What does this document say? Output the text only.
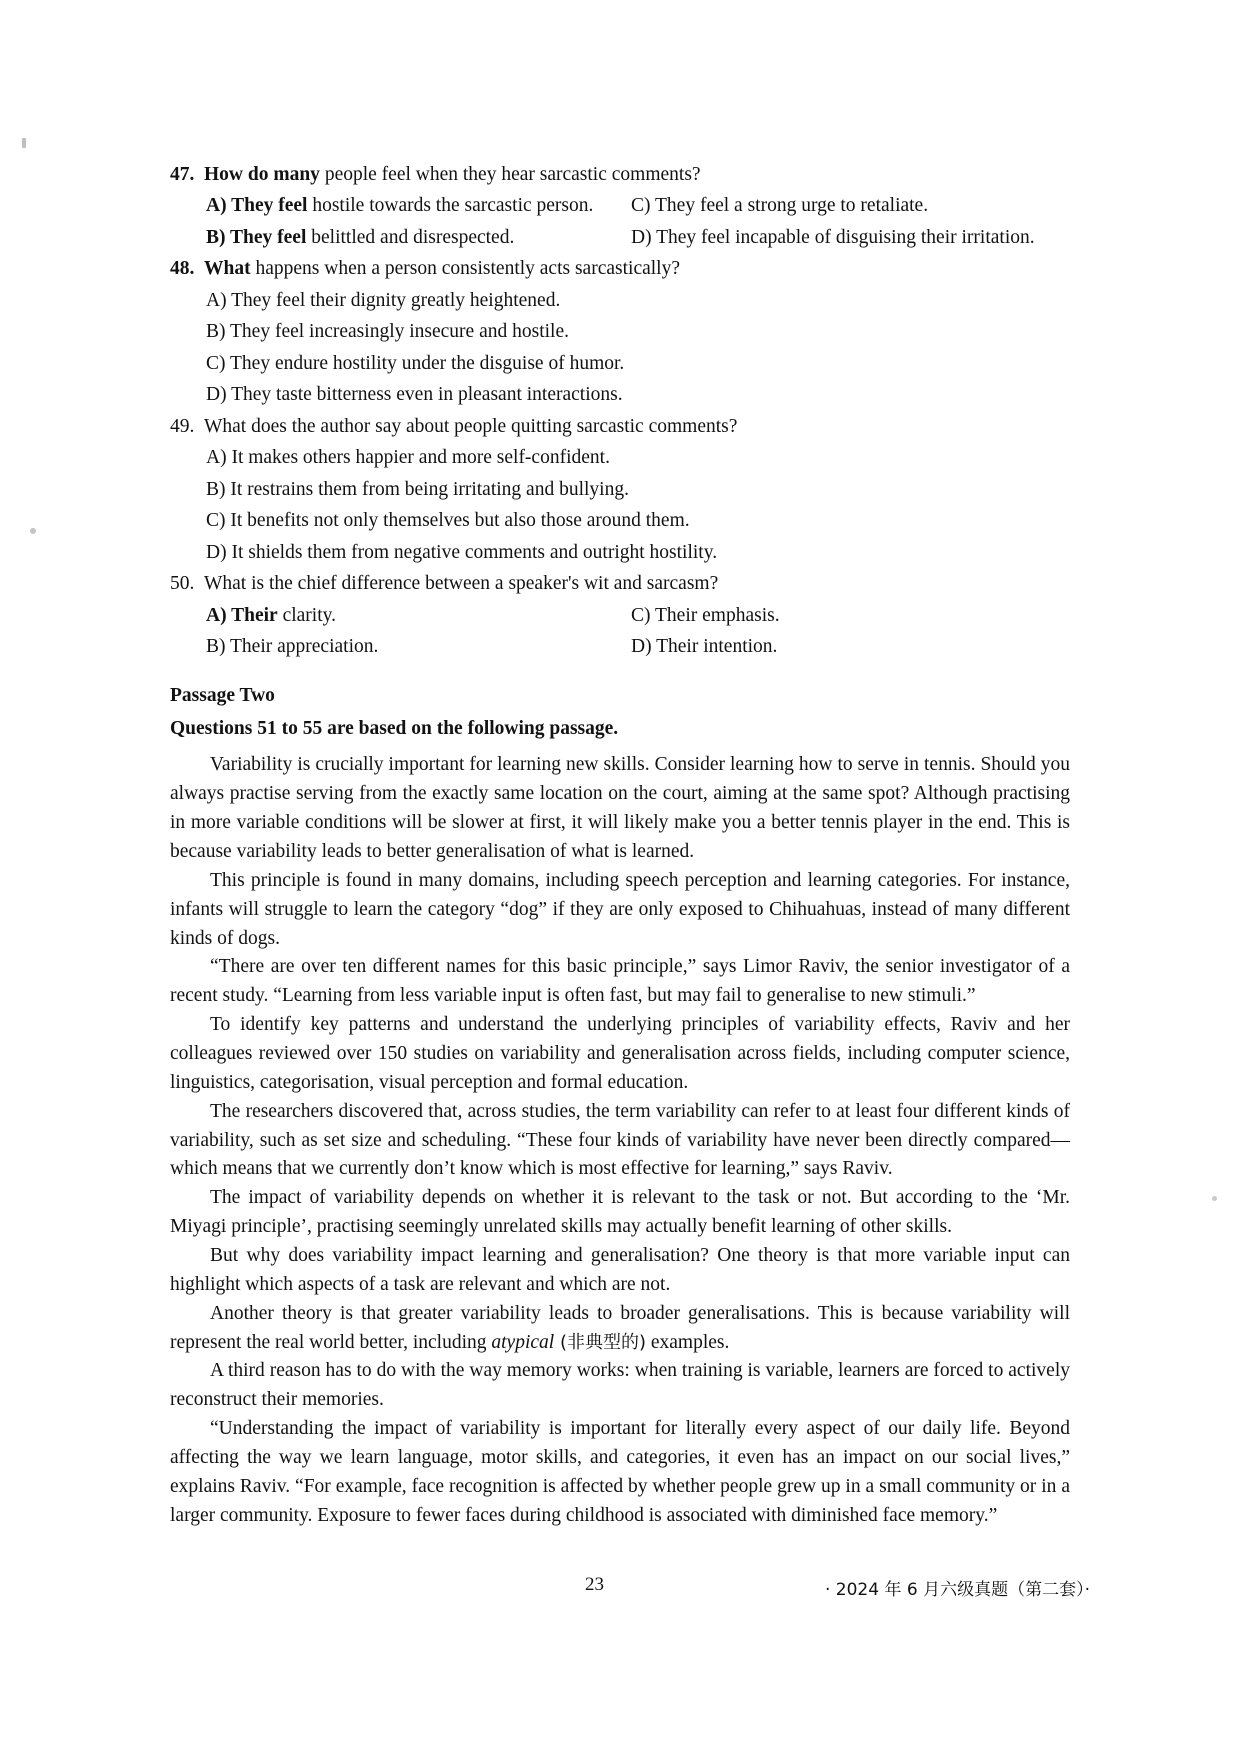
47. How do many people feel when they hear sarcastic comments?
A) They feel hostile towards the sarcastic person.	C) They feel a strong urge to retaliate.
B) They feel belittled and disrespected.	D) They feel incapable of disguising their irritation.
48. What happens when a person consistently acts sarcastically?
A) They feel their dignity greatly heightened.
B) They feel increasingly insecure and hostile.
C) They endure hostility under the disguise of humor.
D) They taste bitterness even in pleasant interactions.
49. What does the author say about people quitting sarcastic comments?
A) It makes others happier and more self-confident.
B) It restrains them from being irritating and bullying.
C) It benefits not only themselves but also those around them.
D) It shields them from negative comments and outright hostility.
50. What is the chief difference between a speaker's wit and sarcasm?
A) Their clarity.	C) Their emphasis.
B) Their appreciation.	D) Their intention.
Passage Two
Questions 51 to 55 are based on the following passage.

Variability is crucially important for learning new skills. Consider learning how to serve in tennis. Should you always practise serving from the exactly same location on the court, aiming at the same spot? Although practising in more variable conditions will be slower at first, it will likely make you a better tennis player in the end. This is because variability leads to better generalisation of what is learned.

This principle is found in many domains, including speech perception and learning categories. For instance, infants will struggle to learn the category “dog” if they are only exposed to Chihuahuas, instead of many different kinds of dogs.

“There are over ten different names for this basic principle,” says Limor Raviv, the senior investigator of a recent study. “Learning from less variable input is often fast, but may fail to generalise to new stimuli.”

To identify key patterns and understand the underlying principles of variability effects, Raviv and her colleagues reviewed over 150 studies on variability and generalisation across fields, including computer science, linguistics, categorisation, visual perception and formal education.

The researchers discovered that, across studies, the term variability can refer to at least four different kinds of variability, such as set size and scheduling. “These four kinds of variability have never been directly compared—which means that we currently don’t know which is most effective for learning,” says Raviv.

The impact of variability depends on whether it is relevant to the task or not. But according to the ‘Mr. Miyagi principle’, practising seemingly unrelated skills may actually benefit learning of other skills.

But why does variability impact learning and generalisation? One theory is that more variable input can highlight which aspects of a task are relevant and which are not.

Another theory is that greater variability leads to broader generalisations. This is because variability will represent the real world better, including atypical (非典型的) examples.

A third reason has to do with the way memory works: when training is variable, learners are forced to actively reconstruct their memories.

“Understanding the impact of variability is important for literally every aspect of our daily life. Beyond affecting the way we learn language, motor skills, and categories, it even has an impact on our social lives,” explains Raviv. “For example, face recognition is affected by whether people grew up in a small community or in a larger community. Exposure to fewer faces during childhood is associated with diminished face memory.”

23	· 2024 年 6 月六级真题（第二套）·
